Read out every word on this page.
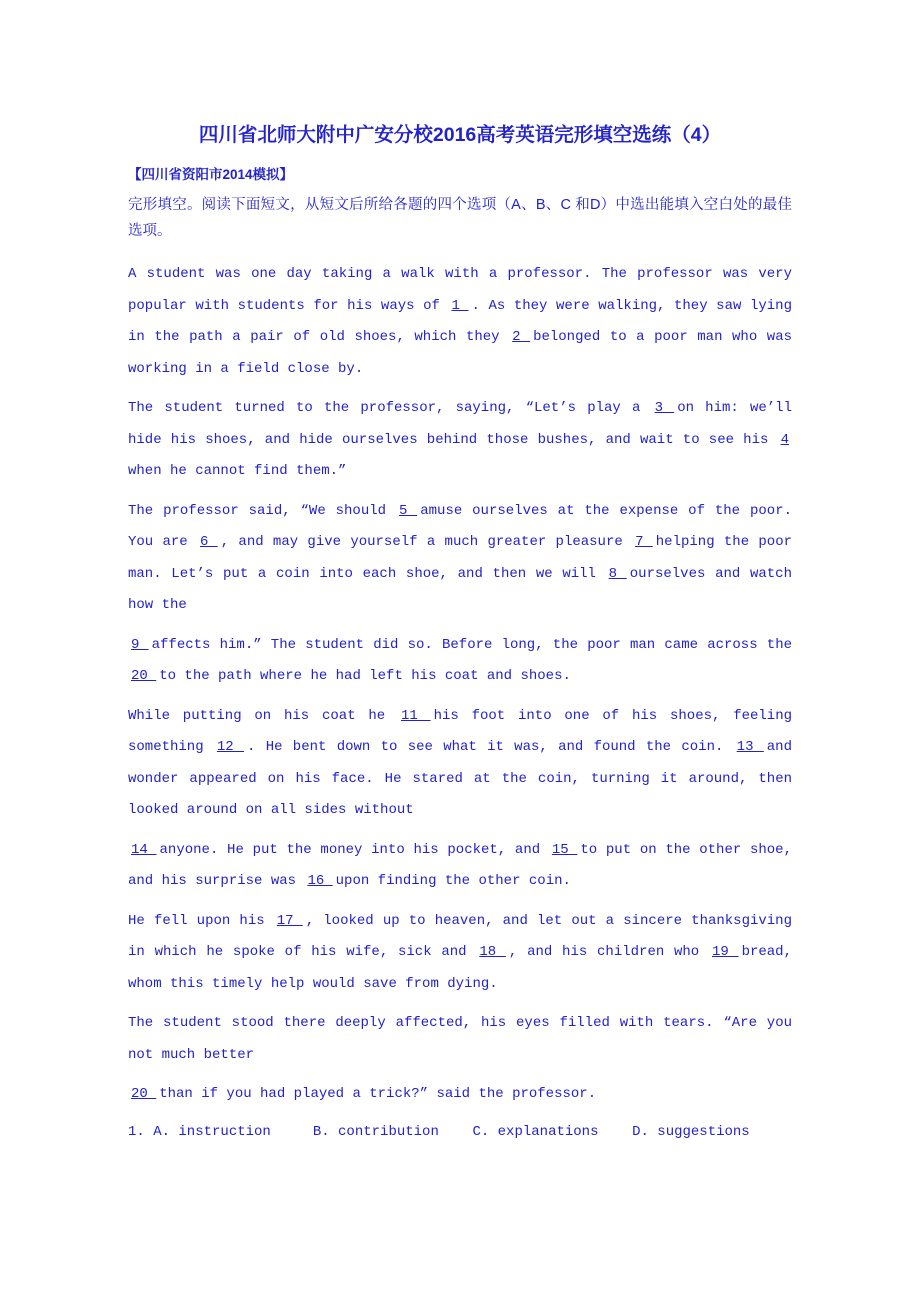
四川省北师大附中广安分校2016高考英语完形填空选练（4）
【四川省资阳市2014模拟】
完形填空。阅读下面短文，从短文后所给各题的四个选项（A、B、C 和D）中选出能填入空白处的最佳选项。
A student was one day taking a walk with a professor. The professor was very popular with students for his ways of 1 . As they were walking, they saw lying in the path a pair of old shoes, which they 2 belonged to a poor man who was working in a field close by.
The student turned to the professor, saying, “Let’s play a 3 on him: we’ll hide his shoes, and hide ourselves behind those bushes, and wait to see his 4 when he cannot find them.”
The professor said, “We should 5 amuse ourselves at the expense of the poor. You are 6 , and may give yourself a much greater pleasure 7 helping the poor man. Let’s put a coin into each shoe, and then we will 8 ourselves and watch how the
9 affects him.” The student did so. Before long, the poor man came across the 20 to the path where he had left his coat and shoes.
While putting on his coat he 11 his foot into one of his shoes, feeling something 12 . He bent down to see what it was, and found the coin. 13 and wonder appeared on his face. He stared at the coin, turning it around, then looked around on all sides without
14 anyone. He put the money into his pocket, and 15 to put on the other shoe, and his surprise was 16 upon finding the other coin.
He fell upon his 17 , looked up to heaven, and let out a sincere thanksgiving in which he spoke of his wife, sick and 18 , and his children who 19 bread, whom this timely help would save from dying.
The student stood there deeply affected, his eyes filled with tears. “Are you not much better
20 than if you had played a trick?” said the professor.
1. A. instruction     B. contribution    C. explanations    D. suggestions
